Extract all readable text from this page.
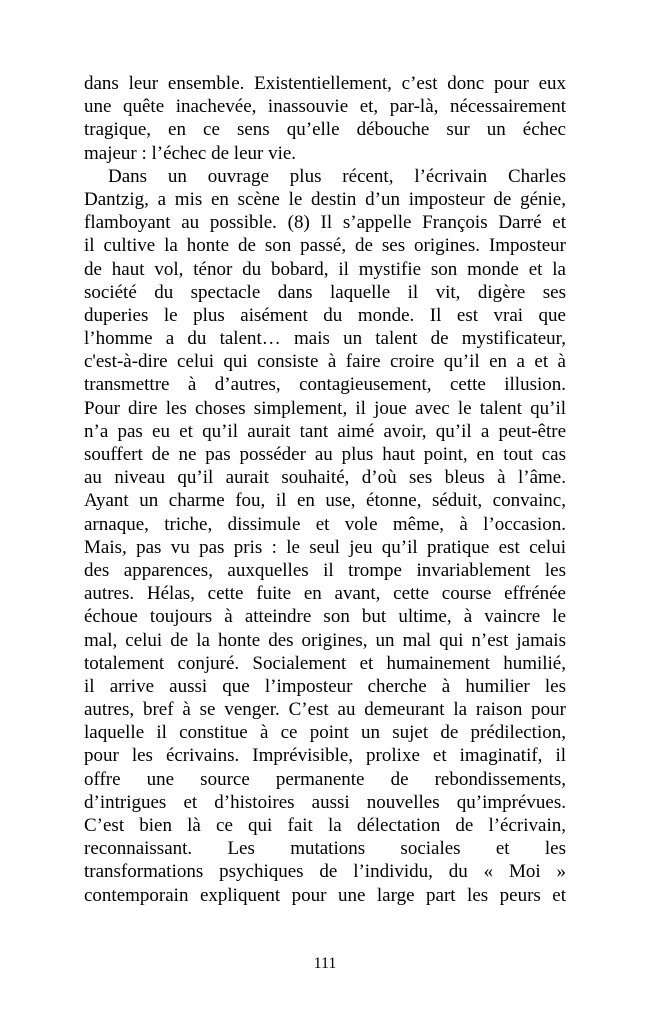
dans leur ensemble. Existentiellement, c’est donc pour eux
une quête inachevée, inassouvie et, par-là, nécessairement
tragique, en ce sens qu’elle débouche sur un échec
majeur : l’échec de leur vie.
Dans un ouvrage plus récent, l’écrivain Charles
Dantzig, a mis en scène le destin d’un imposteur de génie,
flamboyant au possible. (8) Il s’appelle François Darré et
il cultive la honte de son passé, de ses origines. Imposteur
de haut vol, ténor du bobard, il mystifie son monde et la
société du spectacle dans laquelle il vit, digère ses
duperies le plus aisément du monde. Il est vrai que
l’homme a du talent… mais un talent de mystificateur,
c'est-à-dire celui qui consiste à faire croire qu’il en a et à
transmettre à d’autres, contagieusement, cette illusion.
Pour dire les choses simplement, il joue avec le talent qu’il
n’a pas eu et qu’il aurait tant aimé avoir, qu’il a peut-être
souffert de ne pas posséder au plus haut point, en tout cas
au niveau qu’il aurait souhaité, d’où ses bleus à l’âme.
Ayant un charme fou, il en use, étonne, séduit, convainc,
arnaque, triche, dissimule et vole même, à l’occasion.
Mais, pas vu pas pris : le seul jeu qu’il pratique est celui
des apparences, auxquelles il trompe invariablement les
autres. Hélas, cette fuite en avant, cette course effrénée
échoue toujours à atteindre son but ultime, à vaincre le
mal, celui de la honte des origines, un mal qui n’est jamais
totalement conjuré. Socialement et humainement humilié,
il arrive aussi que l’imposteur cherche à humilier les
autres, bref à se venger. C’est au demeurant la raison pour
laquelle il constitue à ce point un sujet de prédilection,
pour les écrivains. Imprévisible, prolixe et imaginatif, il
offre une source permanente de rebondissements,
d’intrigues et d’histoires aussi nouvelles qu’imprévues.
C’est bien là ce qui fait la délectation de l’écrivain,
reconnaissant. Les mutations sociales et les
transformations psychiques de l’individu, du « Moi »
contemporain expliquent pour une large part les peurs et
111
